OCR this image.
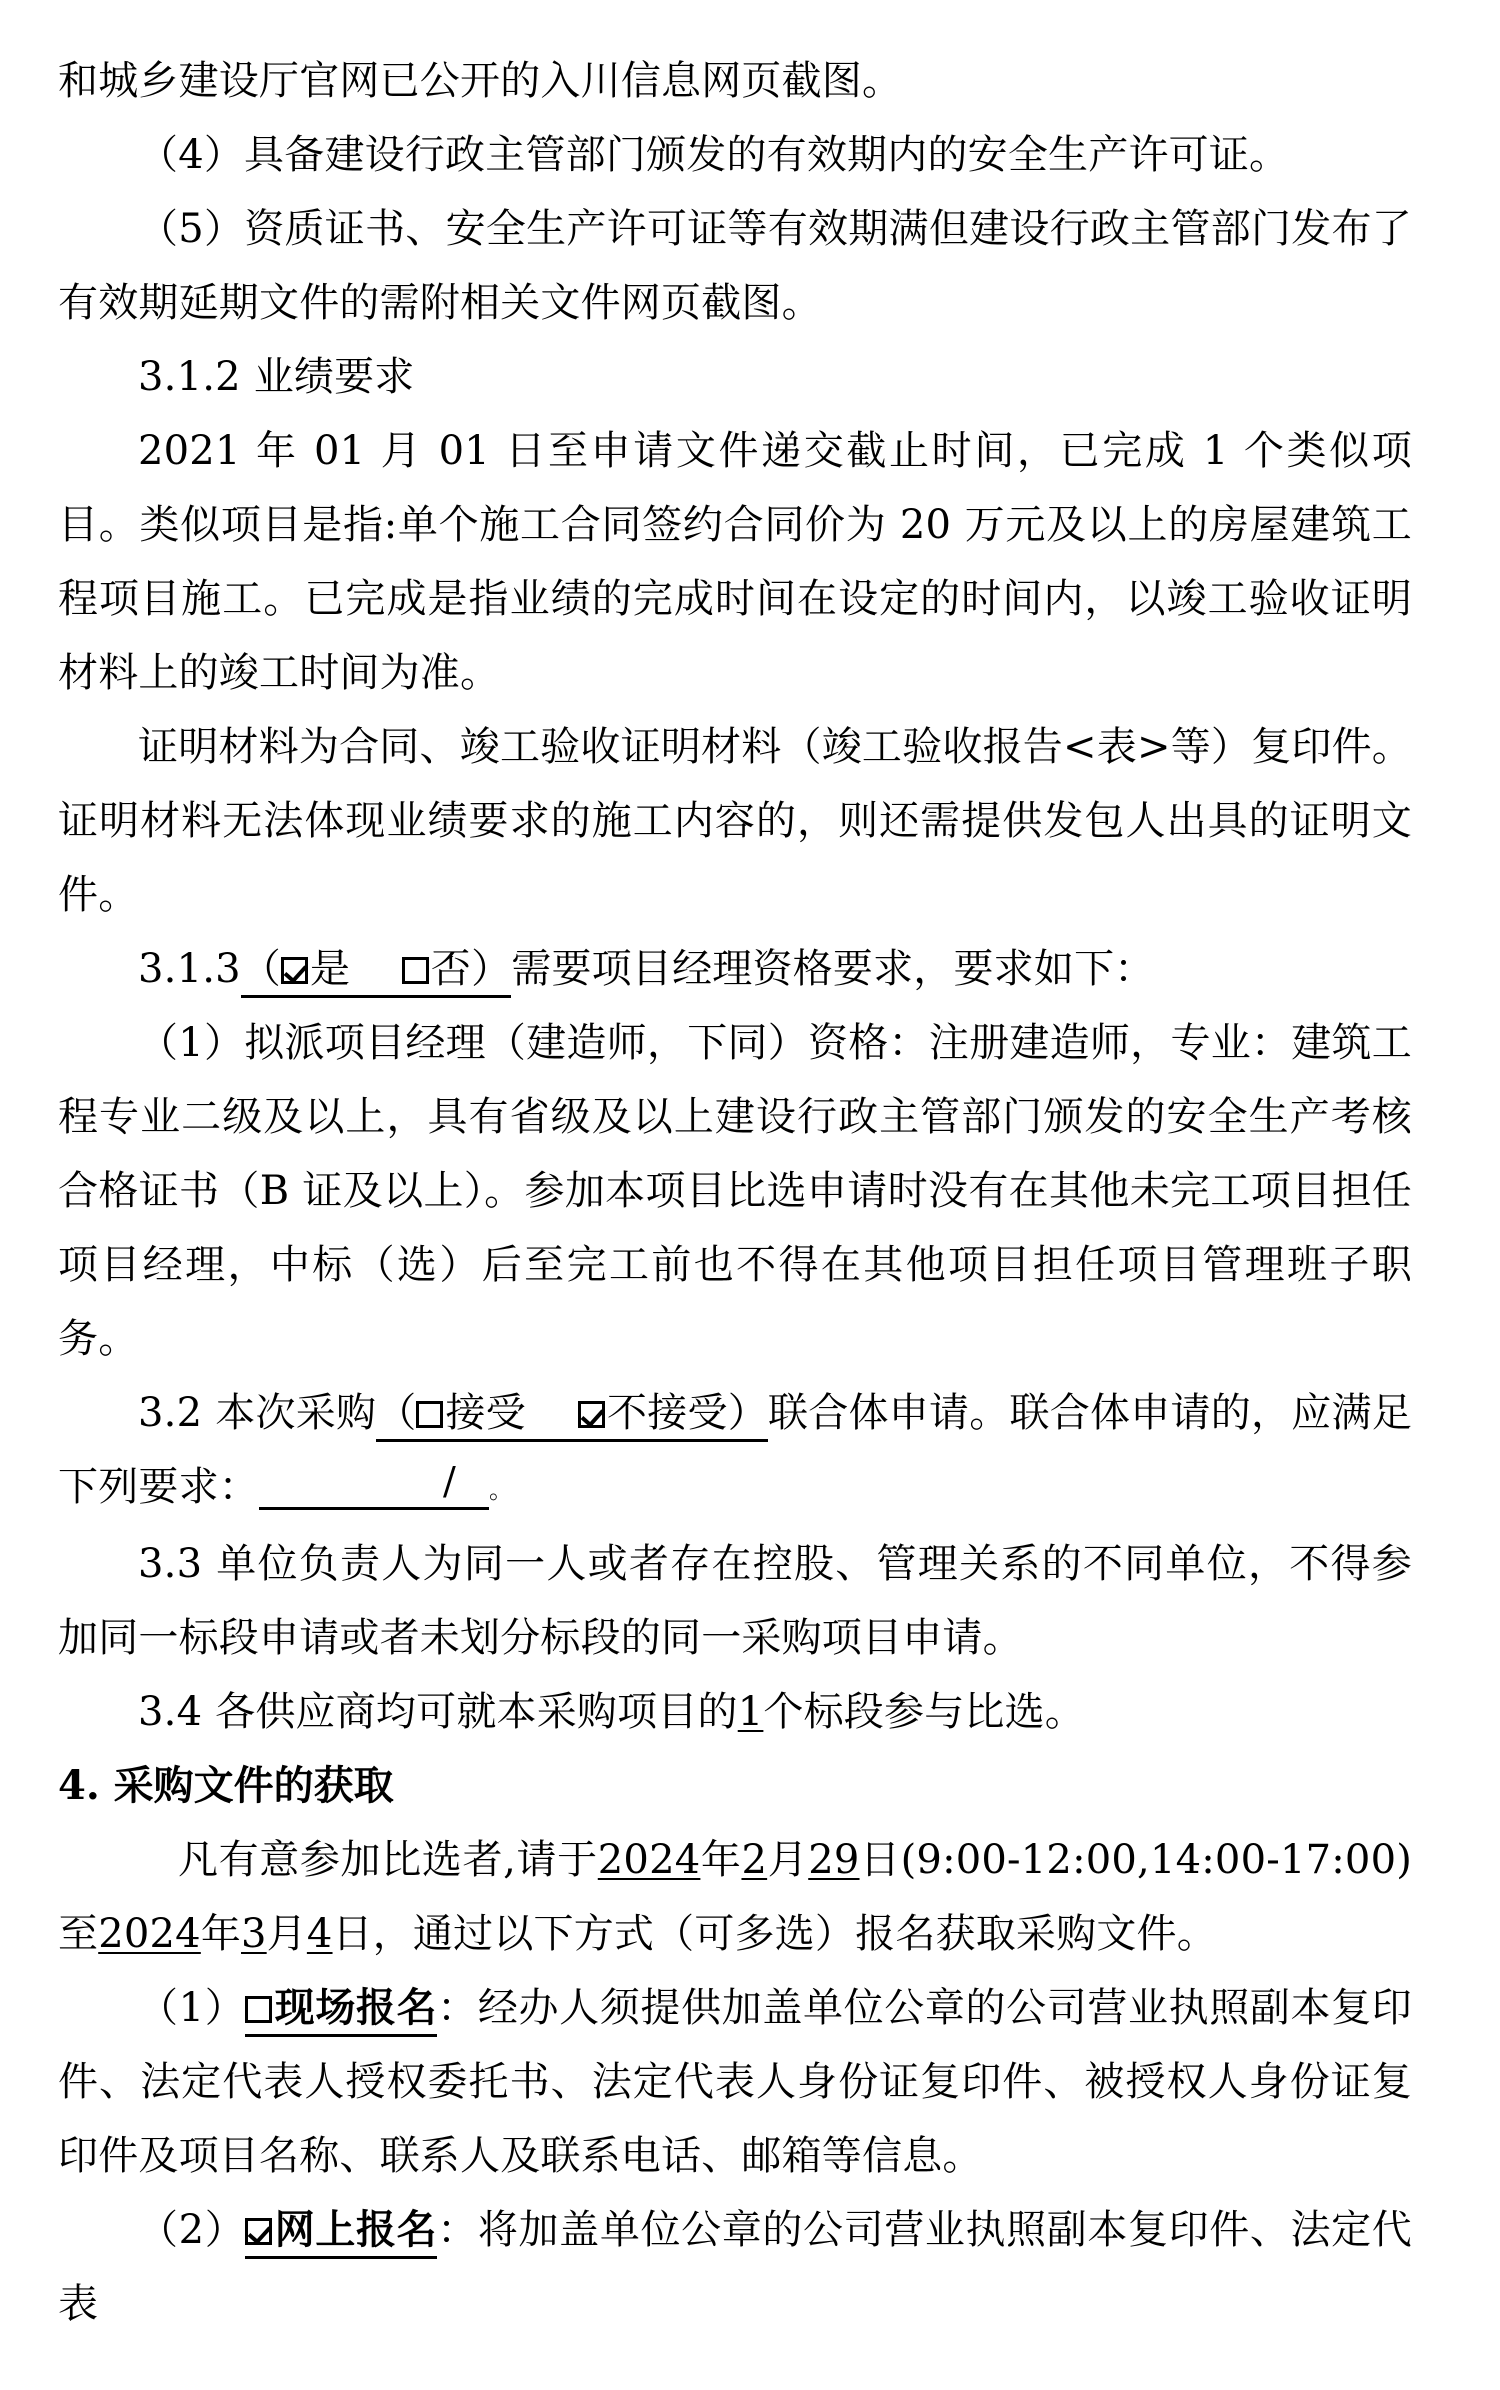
和城乡建设厅官网已公开的入川信息网页截图。

（4）具备建设行政主管部门颁发的有效期内的安全生产许可证。

（5）资质证书、安全生产许可证等有效期满但建设行政主管部门发布了有效期延期文件的需附相关文件网页截图。

3.1.2 业绩要求

2021 年 01 月 01 日至申请文件递交截止时间，已完成 1 个类似项目。类似项目是指:单个施工合同签约合同价为 20 万元及以上的房屋建筑工程项目施工。已完成是指业绩的完成时间在设定的时间内，以竣工验收证明材料上的竣工时间为准。

证明材料为合同、竣工验收证明材料（竣工验收报告<表>等）复印件。证明材料无法体现业绩要求的施工内容的，则还需提供发包人出具的证明文件。

3.1.3（ 是 否）需要项目经理资格要求，要求如下：

（1）拟派项目经理（建造师，下同）资格：注册建造师，专业：建筑工程专业二级及以上，具有省级及以上建设行政主管部门颁发的安全生产考核合格证书（B 证及以上）。参加本项目比选申请时没有在其他未完工项目担任项目经理，中标（选）后至完工前也不得在其他项目担任项目管理班子职务。

3.2 本次采购（ 接受 不接受）联合体申请。联合体申请的，应满足下列要求： /	。

3.3 单位负责人为同一人或者存在控股、管理关系的不同单位，不得参加同一标段申请或者未划分标段的同一采购项目申请。

3.4 各供应商均可就本采购项目的1个标段参与比选。

4. 采购文件的获取

凡有意参加比选者,请于2024年2月29日(9:00-12:00,14:00-17:00)至2024年3月4日，通过以下方式（可多选）报名获取采购文件。

（1） 现场报名：经办人须提供加盖单位公章的公司营业执照副本复印件、法定代表人授权委托书、法定代表人身份证复印件、被授权人身份证复印件及项目名称、联系人及联系电话、邮箱等信息。

（2） 网上报名：将加盖单位公章的公司营业执照副本复印件、法定代表
